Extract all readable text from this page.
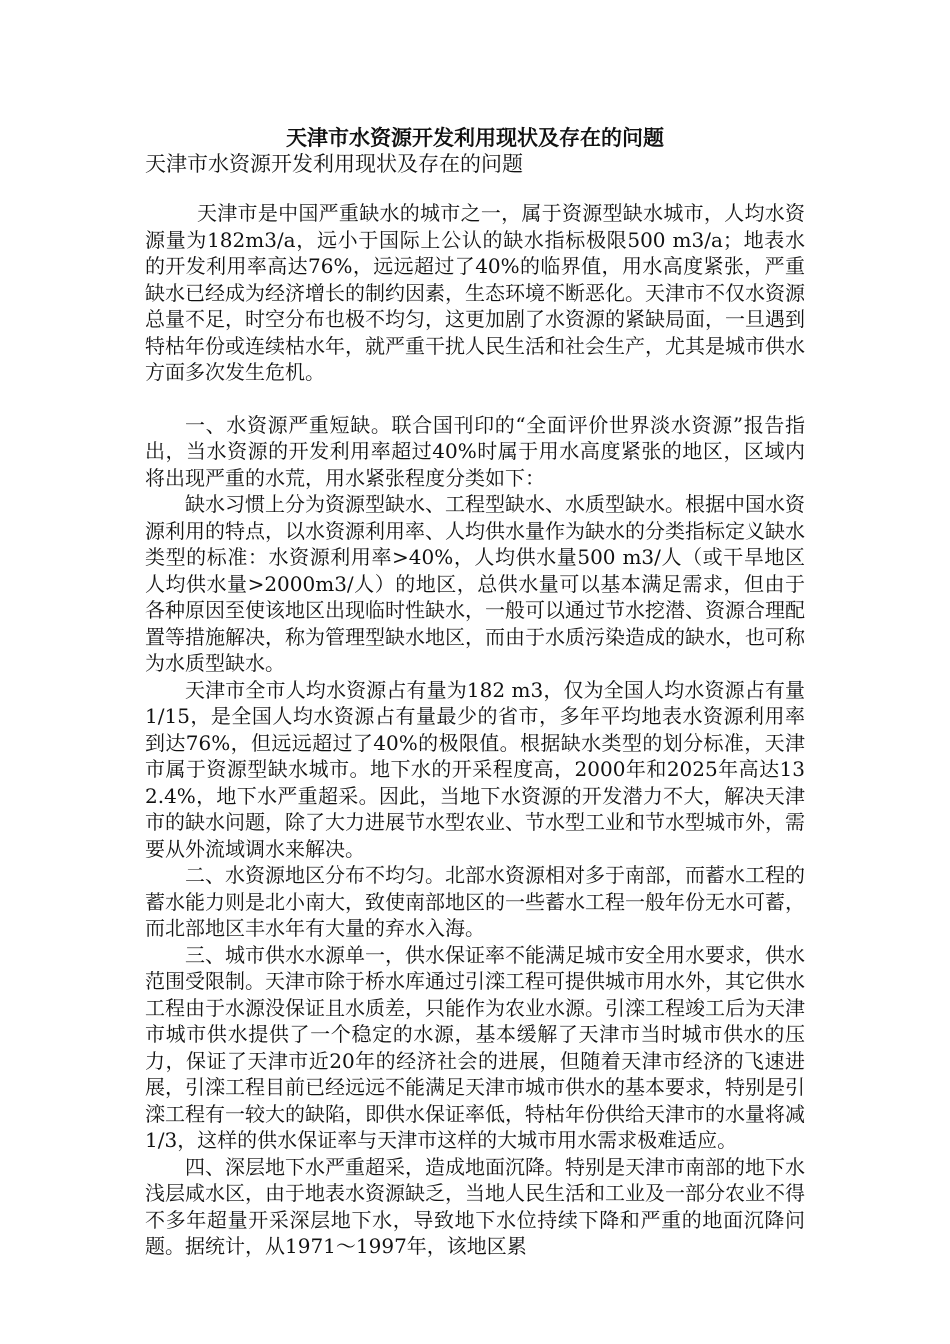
天津市水资源开发利用现状及存在的问题

天津市水资源开发利用现状及存在的问题

天津市是中国严重缺水的城市之一，属于资源型缺水城市，人均水资源量为182m3/a，远小于国际上公认的缺水指标极限500 m3/a；地表水的开发利用率高达76%，远远超过了40%的临界值，用水高度紧张，严重缺水已经成为经济增长的制约因素，生态环境不断恶化。天津市不仅水资源总量不足，时空分布也极不均匀，这更加剧了水资源的紧缺局面，一旦遇到特枯年份或连续枯水年，就严重干扰人民生活和社会生产，尤其是城市供水方面多次发生危机。

一、水资源严重短缺。联合国刊印的“全面评价世界淡水资源”报告指出，当水资源的开发利用率超过40%时属于用水高度紧张的地区，区域内将出现严重的水荒，用水紧张程度分类如下：

缺水习惯上分为资源型缺水、工程型缺水、水质型缺水。根据中国水资源利用的特点，以水资源利用率、人均供水量作为缺水的分类指标定义缺水类型的标准：水资源利用率>40%，人均供水量500 m3/人（或干旱地区人均供水量>2000m3/人）的地区，总供水量可以基本满足需求，但由于各种原因至使该地区出现临时性缺水，一般可以通过节水挖潜、资源合理配置等措施解决，称为管理型缺水地区，而由于水质污染造成的缺水，也可称为水质型缺水。

天津市全市人均水资源占有量为182 m3，仅为全国人均水资源占有量1/15，是全国人均水资源占有量最少的省市，多年平均地表水资源利用率到达76%，但远远超过了40%的极限值。根据缺水类型的划分标准，天津市属于资源型缺水城市。地下水的开采程度高，2000年和2025年高达132.4%，地下水严重超采。因此，当地下水资源的开发潜力不大，解决天津市的缺水问题，除了大力进展节水型农业、节水型工业和节水型城市外，需要从外流域调水来解决。

二、水资源地区分布不均匀。北部水资源相对多于南部，而蓄水工程的蓄水能力则是北小南大，致使南部地区的一些蓄水工程一般年份无水可蓄，而北部地区丰水年有大量的弃水入海。

三、城市供水水源单一，供水保证率不能满足城市安全用水要求，供水范围受限制。天津市除于桥水库通过引滦工程可提供城市用水外，其它供水工程由于水源没保证且水质差，只能作为农业水源。引滦工程竣工后为天津市城市供水提供了一个稳定的水源，基本缓解了天津市当时城市供水的压力，保证了天津市近20年的经济社会的进展，但随着天津市经济的飞速进展，引滦工程目前已经远远不能满足天津市城市供水的基本要求，特别是引滦工程有一较大的缺陷，即供水保证率低，特枯年份供给天津市的水量将减1/3，这样的供水保证率与天津市这样的大城市用水需求极难适应。

四、深层地下水严重超采，造成地面沉降。特别是天津市南部的地下水浅层咸水区，由于地表水资源缺乏，当地人民生活和工业及一部分农业不得不多年超量开采深层地下水，导致地下水位持续下降和严重的地面沉降问题。据统计，从1971～1997年，该地区累
